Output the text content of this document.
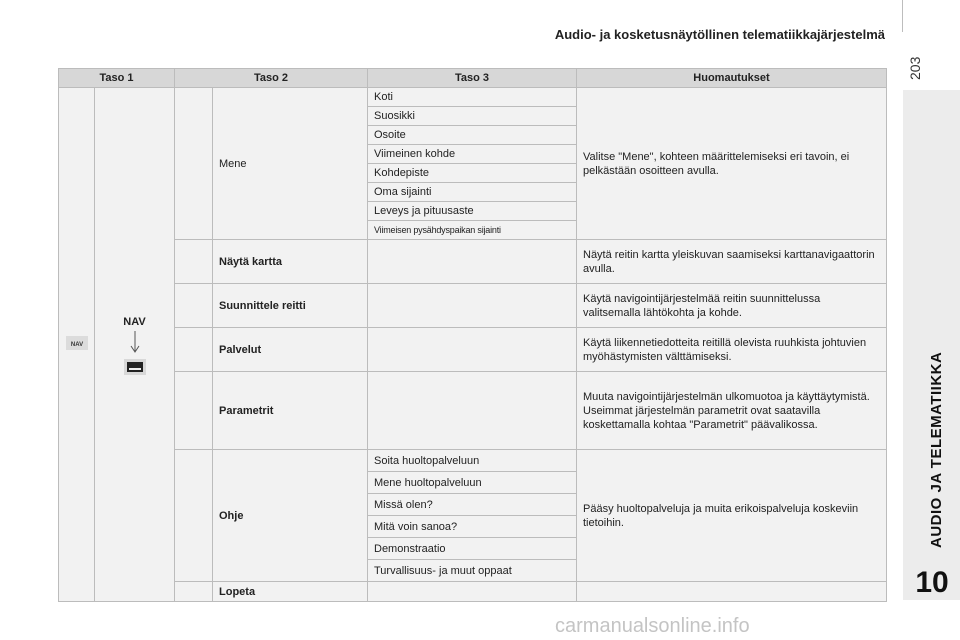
Audio- ja kosketusnäytöllinen telematiikkajärjestelmä
203
AUDIO JA TELEMATIIKKA
10
Taso 1		Taso 2		Taso 3	Huomautukset

NAV	NAV		Mene	Koti	Valitse "Mene", kohteen määrittelemiseksi eri tavoin, ei pelkästään osoitteen avulla.
				Suosikki	
				Osoite	
				Viimeinen kohde	
				Kohdepiste	
				Oma sijainti	
				Leveys ja pituusaste	
				Viimeisen pysähdyspaikan sijainti	
			Näytä kartta		Näytä reitin kartta yleiskuvan saamiseksi karttanavigaattorin avulla.
			Suunnittele reitti		Käytä navigointijärjestelmää reitin suunnittelussa valitsemalla lähtökohta ja kohde.
			Palvelut		Käytä liikennetiedotteita reitillä olevista ruuhkista johtuvien myöhästymisten välttämiseksi.
			Parametrit		Muuta navigointijärjestelmän ulkomuotoa ja käyttäytymistä.
Useimmat järjestelmän parametrit ovat saatavilla koskettamalla kohtaa "Parametrit" päävalikossa.
			Ohje	Soita huoltopalveluun	Pääsy huoltopalveluja ja muita erikoispalveluja koskeviin tietoihin.
				Mene huoltopalveluun	
				Missä olen?	
				Mitä voin sanoa?	
				Demonstraatio	
				Turvallisuus- ja muut oppaat	
			Lopeta		
carmanualsonline.info
